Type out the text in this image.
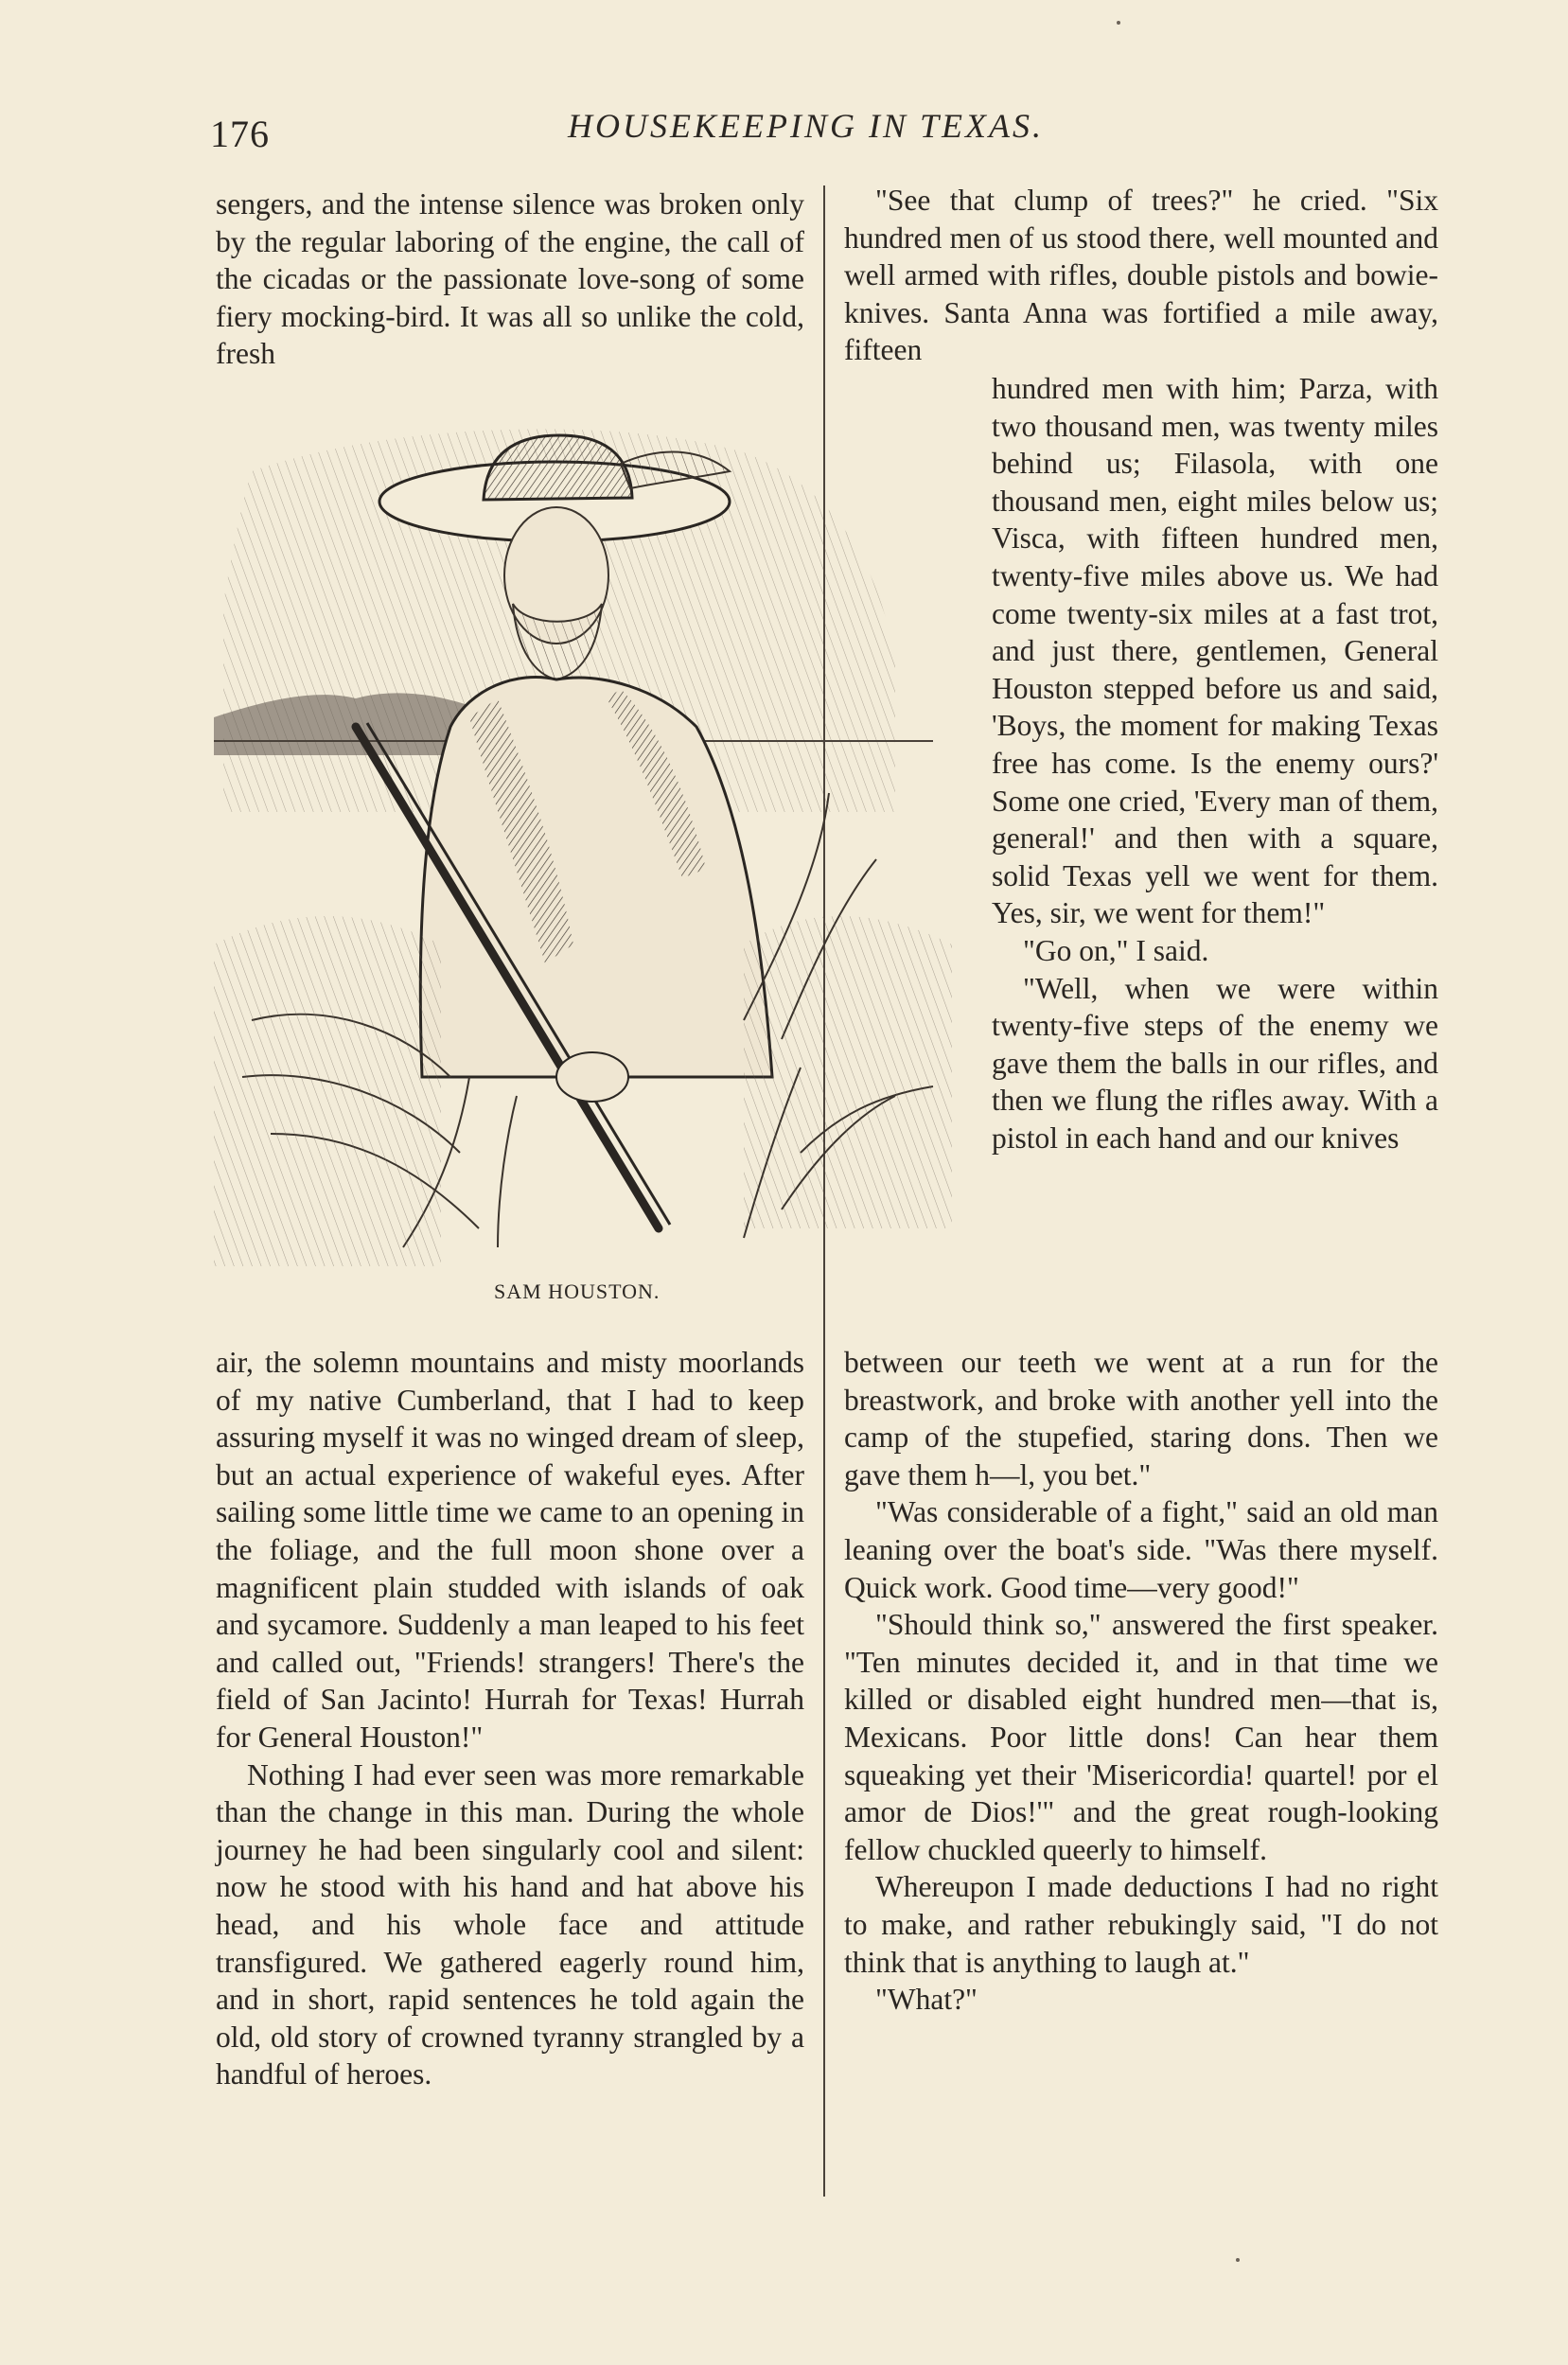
176	HOUSEKEEPING IN TEXAS.

sengers, and the intense silence was broken only by the regular laboring of the engine, the call of the cicadas or the passionate love-song of some fiery mocking-bird. It was all so unlike the cold, fresh

SAM HOUSTON.

air, the solemn mountains and misty moorlands of my native Cumberland, that I had to keep assuring myself it was no winged dream of sleep, but an actual experience of wakeful eyes. After sailing some little time we came to an opening in the foliage, and the full moon shone over a magnificent plain studded with islands of oak and sycamore. Suddenly a man leaped to his feet and called out, "Friends! strangers! There's the field of San Jacinto! Hurrah for Texas! Hurrah for General Houston!"

Nothing I had ever seen was more remarkable than the change in this man. During the whole journey he had been singularly cool and silent: now he stood with his hand and hat above his head, and his whole face and attitude transfigured. We gathered eagerly round him, and in short, rapid sentences he told again the old, old story of crowned tyranny strangled by a handful of heroes.

"See that clump of trees?" he cried. "Six hundred men of us stood there, well mounted and well armed with rifles, double pistols and bowie-knives. Santa Anna was fortified a mile away, fifteen

hundred men with him; Parza, with two thousand men, was twenty miles behind us; Filasola, with one thousand men, eight miles below us; Visca, with fifteen hundred men, twenty-five miles above us. We had come twenty-six miles at a fast trot, and just there, gentlemen, General Houston stepped before us and said, 'Boys, the moment for making Texas free has come. Is the enemy ours?' Some one cried, 'Every man of them, general!' and then with a square, solid Texas yell we went for them. Yes, sir, we went for them!"

"Go on," I said.

"Well, when we were within twenty-five steps of the enemy we gave them the balls in our rifles, and then we flung the rifles away. With a pistol in each hand and our knives

between our teeth we went at a run for the breastwork, and broke with another yell into the camp of the stupefied, staring dons. Then we gave them h—l, you bet."

"Was considerable of a fight," said an old man leaning over the boat's side. "Was there myself. Quick work. Good time—very good!"

"Should think so," answered the first speaker. "Ten minutes decided it, and in that time we killed or disabled eight hundred men—that is, Mexicans. Poor little dons! Can hear them squeaking yet their 'Misericordia! quartel! por el amor de Dios!'" and the great rough-looking fellow chuckled queerly to himself.

Whereupon I made deductions I had no right to make, and rather rebukingly said, "I do not think that is anything to laugh at."

"What?"
